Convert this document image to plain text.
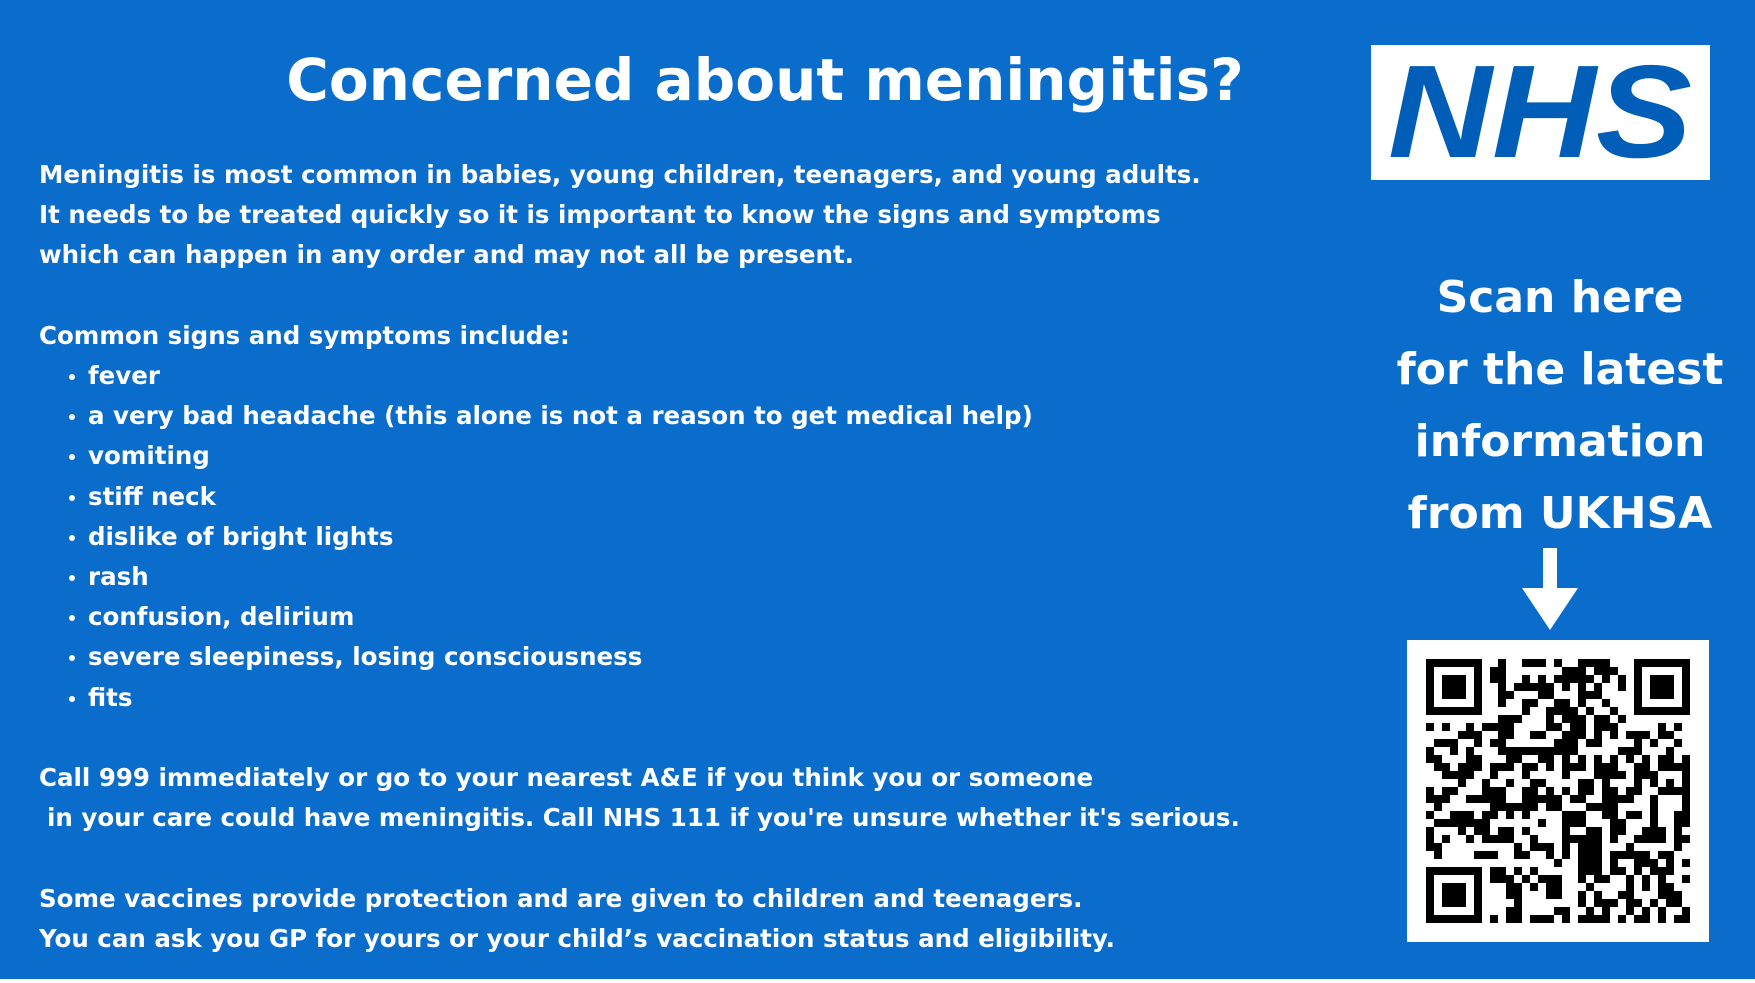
Concerned about meningitis?

Meningitis is most common in babies, young children, teenagers, and young adults.

It needs to be treated quickly so it is important to know the signs and symptoms

which can happen in any order and may not all be present.

Common signs and symptoms include:

fever
a very bad headache (this alone is not a reason to get medical help)
vomiting
stiff neck
dislike of bright lights
rash
confusion, delirium
severe sleepiness, losing consciousness
fits

Call 999 immediately or go to your nearest A&E if you think you or someone

in your care could have meningitis. Call NHS 111 if you're unsure whether it's serious.

Some vaccines provide protection and are given to children and teenagers.

You can ask you GP for yours or your child’s vaccination status and eligibility.

NHS
Scan here
for the latest
information
from UKHSA
